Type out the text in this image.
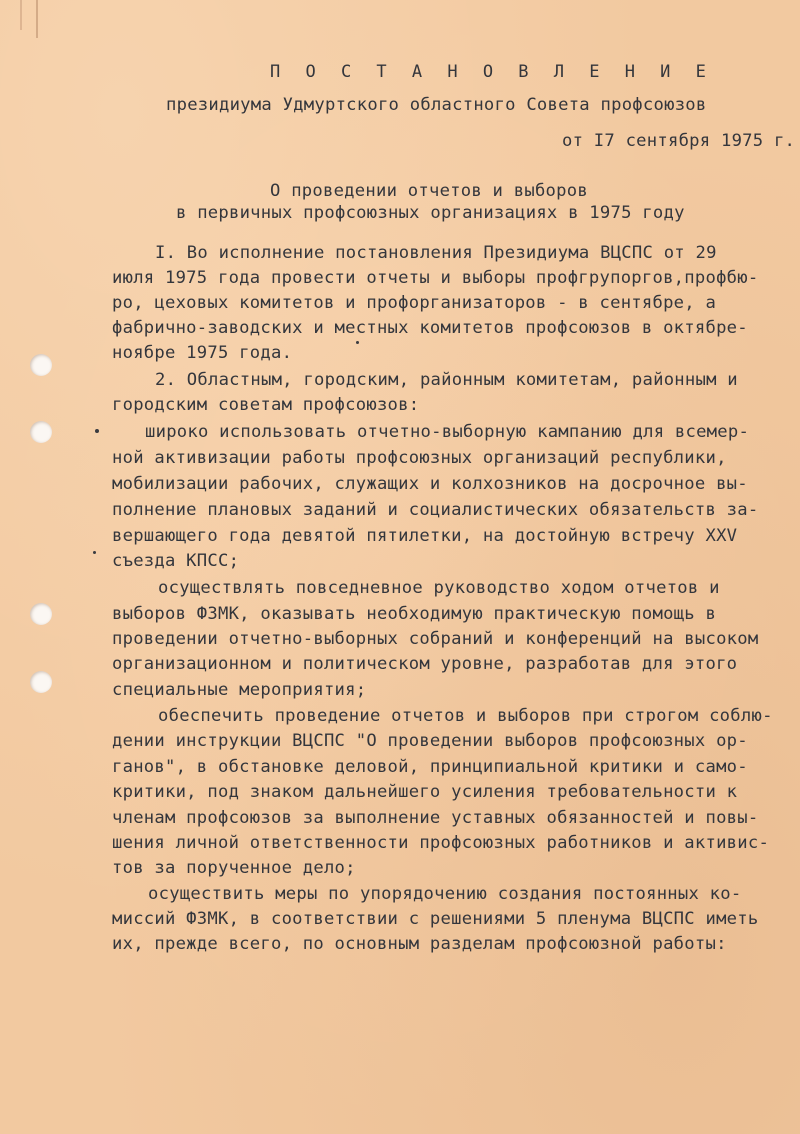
П О С Т А Н О В Л Е Н И Е
президиума Удмуртского областного Совета профсоюзов
от I7 сентября 1975 г.
О проведении отчетов и выборов
в первичных профсоюзных организациях в 1975 году
I. Во исполнение постановления Президиума ВЦСПС от 29
июля 1975 года провести отчеты и выборы профгрупоргов,профбю-
ро, цеховых комитетов и профорганизаторов - в сентябре, а
фабрично-заводских и местных комитетов профсоюзов в октябре-
ноябре 1975 года.
2. Областным, городским, районным комитетам, районным и
городским советам профсоюзов:
широко использовать отчетно-выборную кампанию для всемер-
ной активизации работы профсоюзных организаций республики,
мобилизации рабочих, служащих и колхозников на досрочное вы-
полнение плановых заданий и социалистических обязательств за-
вершающего года девятой пятилетки, на достойную встречу XXV
съезда КПСС;
осуществлять повседневное руководство ходом отчетов и
выборов ФЗМК, оказывать необходимую практическую помощь в
проведении отчетно-выборных собраний и конференций на высоком
организационном и политическом уровне, разработав для этого
специальные мероприятия;
обеспечить проведение отчетов и выборов при строгом соблю-
дении инструкции ВЦСПС "О проведении выборов профсоюзных ор-
ганов", в обстановке деловой, принципиальной критики и само-
критики, под знаком дальнейшего усиления требовательности к
членам профсоюзов за выполнение уставных обязанностей и повы-
шения личной ответственности профсоюзных работников и активис-
тов за порученное дело;
осуществить меры по упорядочению создания постоянных ко-
миссий ФЗМК, в соответствии с решениями 5 пленума ВЦСПС иметь
их, прежде всего, по основным разделам профсоюзной работы:
